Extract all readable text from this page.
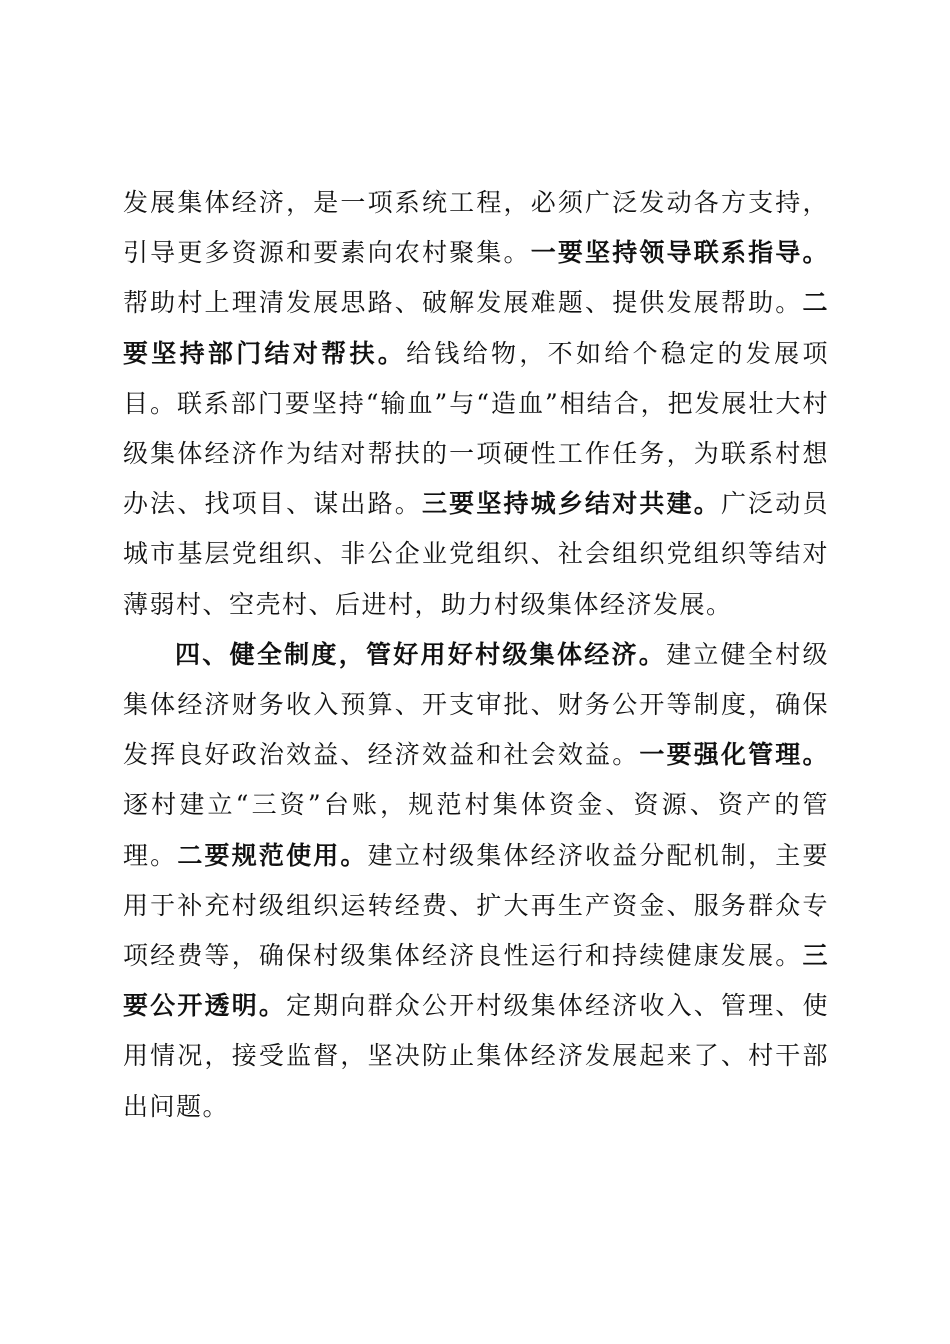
发展集体经济，是一项系统工程，必须广泛发动各方支持，引导更多资源和要素向农村聚集。一要坚持领导联系指导。帮助村上理清发展思路、破解发展难题、提供发展帮助。二要坚持部门结对帮扶。给钱给物，不如给个稳定的发展项目。联系部门要坚持“输血”与“造血”相结合，把发展壮大村级集体经济作为结对帮扶的一项硬性工作任务，为联系村想办法、找项目、谋出路。三要坚持城乡结对共建。广泛动员城市基层党组织、非公企业党组织、社会组织党组织等结对薄弱村、空壳村、后进村，助力村级集体经济发展。

四、健全制度，管好用好村级集体经济。建立健全村级集体经济财务收入预算、开支审批、财务公开等制度，确保发挥良好政治效益、经济效益和社会效益。一要强化管理。逐村建立“三资”台账，规范村集体资金、资源、资产的管理。二要规范使用。建立村级集体经济收益分配机制，主要用于补充村级组织运转经费、扩大再生产资金、服务群众专项经费等，确保村级集体经济良性运行和持续健康发展。三要公开透明。定期向群众公开村级集体经济收入、管理、使用情况，接受监督，坚决防止集体经济发展起来了、村干部出问题。
